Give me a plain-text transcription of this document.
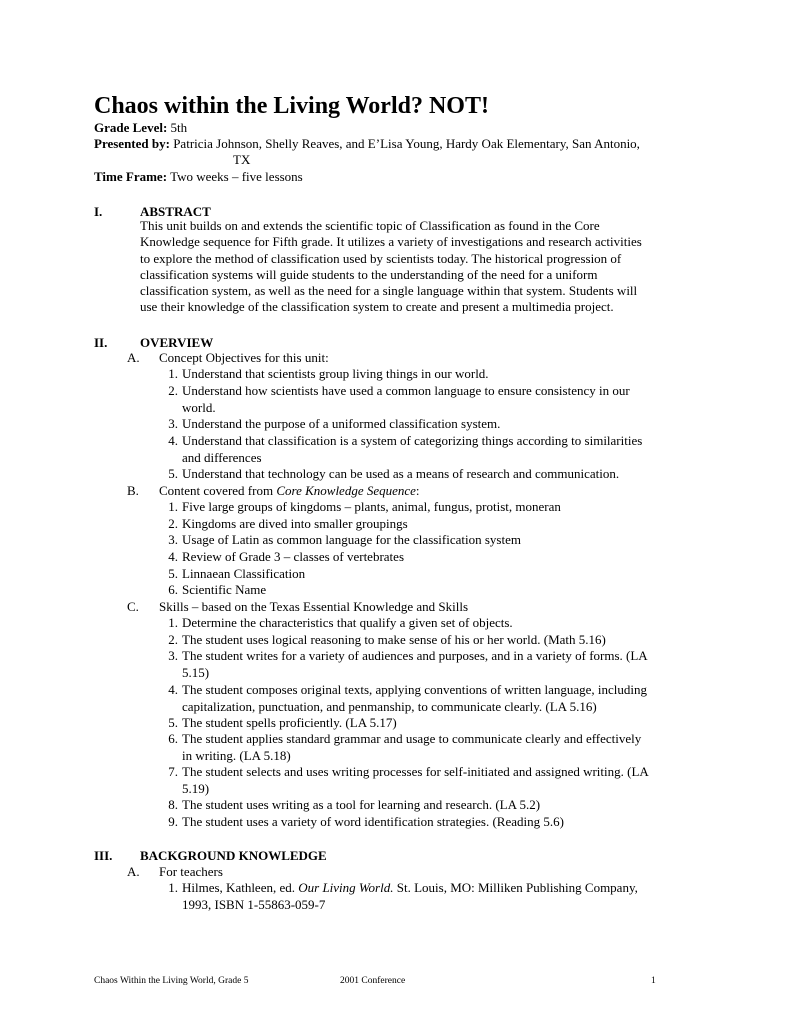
Chaos within the Living World? NOT!
Grade Level: 5th
Presented by: Patricia Johnson, Shelly Reaves, and E’Lisa Young, Hardy Oak Elementary, San Antonio,
TX
Time Frame: Two weeks – five lessons
I.	ABSTRACT
This unit builds on and extends the scientific topic of Classification as found in the Core
Knowledge sequence for Fifth grade. It utilizes a variety of investigations and research activities
to explore the method of classification used by scientists today. The historical progression of
classification systems will guide students to the understanding of the need for a uniform
classification system, as well as the need for a single language within that system. Students will
use their knowledge of the classification system to create and present a multimedia project.
II.	OVERVIEW
A. Concept Objectives for this unit:
1. Understand that scientists group living things in our world.
2. Understand how scientists have used a common language to ensure consistency in our
world.
3. Understand the purpose of a uniformed classification system.
4. Understand that classification is a system of categorizing things according to similarities
and differences
5. Understand that technology can be used as a means of research and communication.
B. Content covered from Core Knowledge Sequence:
1. Five large groups of kingdoms – plants, animal, fungus, protist, moneran
2. Kingdoms are dived into smaller groupings
3. Usage of Latin as common language for the classification system
4. Review of Grade 3 – classes of vertebrates
5. Linnaean Classification
6. Scientific Name
C. Skills – based on the Texas Essential Knowledge and Skills
1. Determine the characteristics that qualify a given set of objects.
2. The student uses logical reasoning to make sense of his or her world. (Math 5.16)
3. The student writes for a variety of audiences and purposes, and in a variety of forms. (LA
5.15)
4. The student composes original texts, applying conventions of written language, including
capitalization, punctuation, and penmanship, to communicate clearly. (LA 5.16)
5. The student spells proficiently. (LA 5.17)
6. The student applies standard grammar and usage to communicate clearly and effectively
in writing. (LA 5.18)
7. The student selects and uses writing processes for self-initiated and assigned writing. (LA
5.19)
8. The student uses writing as a tool for learning and research. (LA 5.2)
9. The student uses a variety of word identification strategies. (Reading 5.6)
III. BACKGROUND KNOWLEDGE
A. For teachers
1. Hilmes, Kathleen, ed. Our Living World. St. Louis, MO: Milliken Publishing Company,
1993, ISBN 1-55863-059-7
Chaos Within the Living World, Grade 5	2001 Conference	1
